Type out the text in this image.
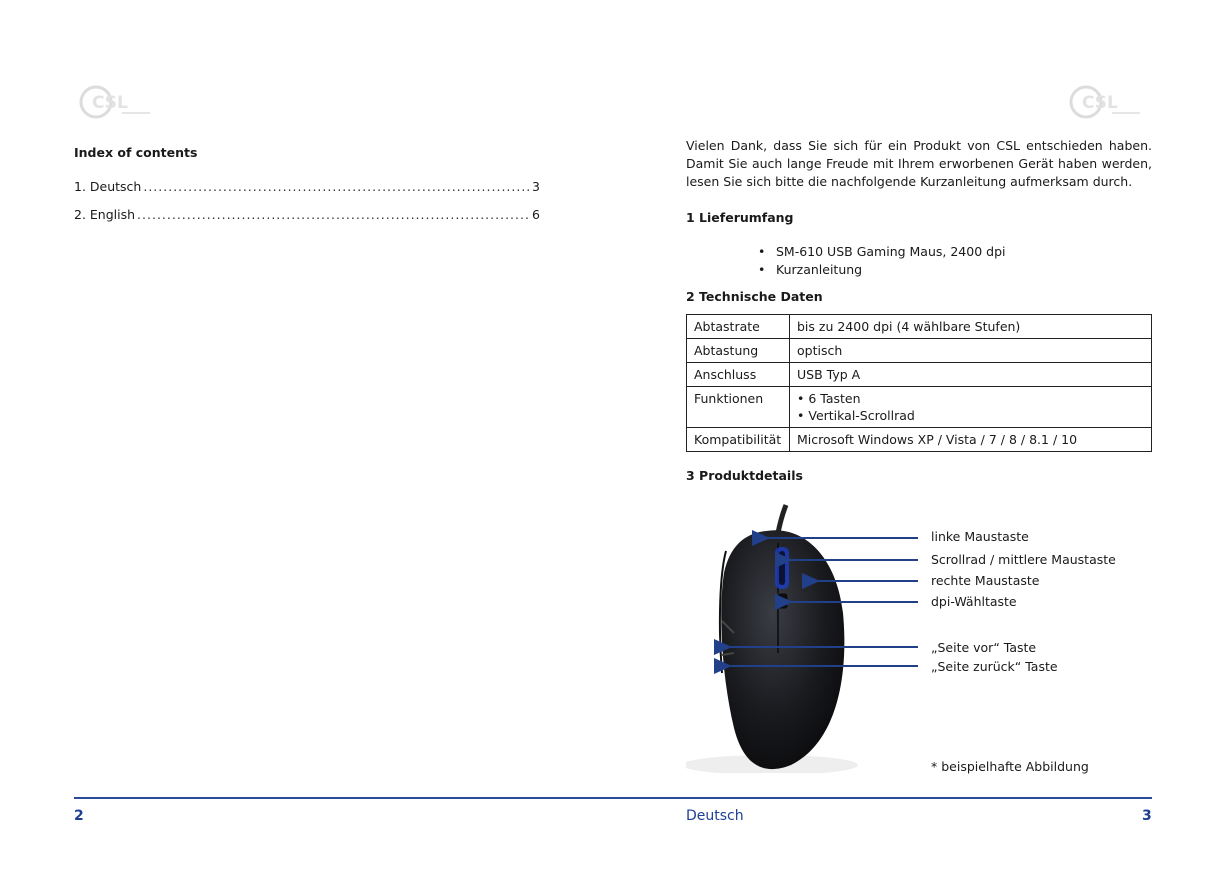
CSL	CSL
Index of contents
1. Deutsch .....	3
2. English .....	6
Vielen Dank, dass Sie sich für ein Produkt von CSL entschieden haben. Damit Sie auch lange Freude mit Ihrem erworbenen Gerät haben werden, lesen Sie sich bitte die nachfolgende Kurzanleitung aufmerksam durch.
1 Lieferumfang
• SM-610 USB Gaming Maus, 2400 dpi
• Kurzanleitung
2 Technische Daten
Abtastrate	bis zu 2400 dpi (4 wählbare Stufen)
Abtastung	optisch
Anschluss	USB Typ A
Funktionen	• 6 Tasten
• Vertikal-Scrollrad

Kompatibilität	Microsoft Windows XP / Vista / 7 / 8 / 8.1 / 10
3 Produktdetails
linke Maustaste
Scrollrad / mittlere Maustaste
rechte Maustaste
dpi-Wähltaste
„Seite vor“ Taste
„Seite zurück“ Taste
* beispielhafte Abbildung
2	Deutsch	3
